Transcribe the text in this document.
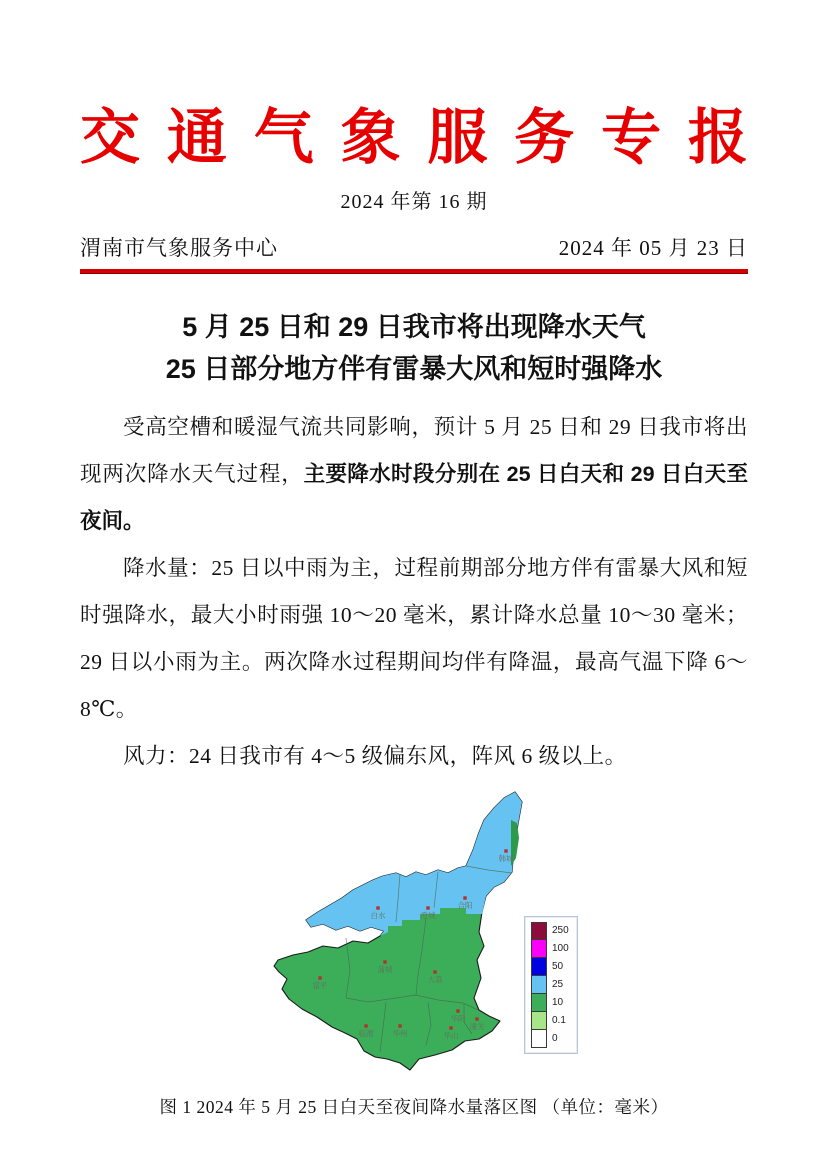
交 通 气 象 服 务 专 报
2024 年第 16 期
渭南市气象服务中心	2024 年 05 月 23 日
5 月 25 日和 29 日我市将出现降水天气
25 日部分地方伴有雷暴大风和短时强降水

受高空槽和暖湿气流共同影响，预计 5 月 25 日和 29 日我市将出现两次降水天气过程，主要降水时段分别在 25 日白天和 29 日白天至夜间。

降水量：25 日以中雨为主，过程前期部分地方伴有雷暴大风和短时强降水，最大小时雨强 10～20 毫米，累计降水总量 10～30 毫米；29 日以小雨为主。两次降水过程期间均伴有降温，最高气温下降 6～8℃。

风力：24 日我市有 4～5 级偏东风，阵风 6 级以上。

韩城
合阳
白水	澄城
蒲城
富平
大荔
临渭	华州
华阴
潼关
华山
250
100
50
25
10
0.1
0
图 1 2024 年 5 月 25 日白天至夜间降水量落区图 （单位：毫米）
